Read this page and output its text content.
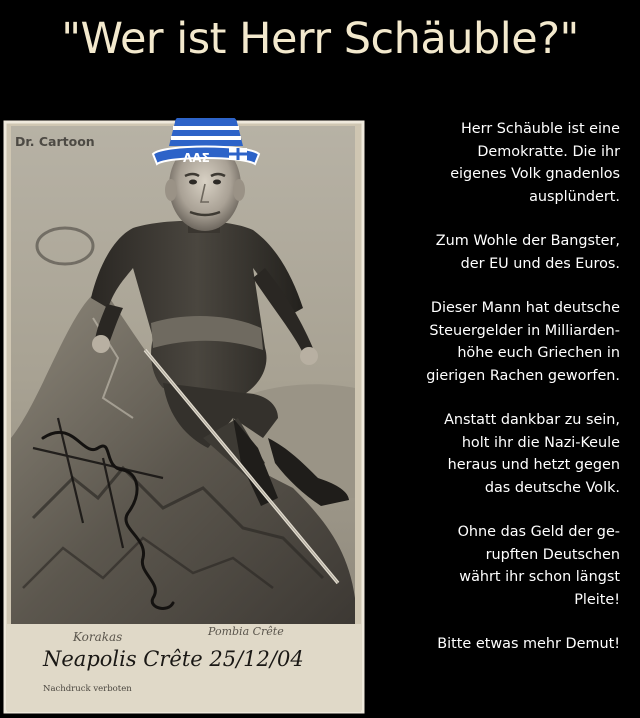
"Wer ist Herr Schäuble?"
Dr. Cartoon
ΛΑΣ
Korakas	Pombia Crête
Neapolis Crête 25/12/04
Nachdruck verboten

Herr Schäuble ist eine
Demokratte. Die ihr
eigenes Volk gnadenlos
ausplündert.

Zum Wohle der Bangster,
der EU und des Euros.

Dieser Mann hat deutsche
Steuergelder in Milliarden-
höhe euch Griechen in
gierigen Rachen geworfen.

Anstatt dankbar zu sein,
holt ihr die Nazi-Keule
heraus und hetzt gegen
das deutsche Volk.

Ohne das Geld der ge-
rupften Deutschen
währt ihr schon längst
Pleite!

Bitte etwas mehr Demut!
